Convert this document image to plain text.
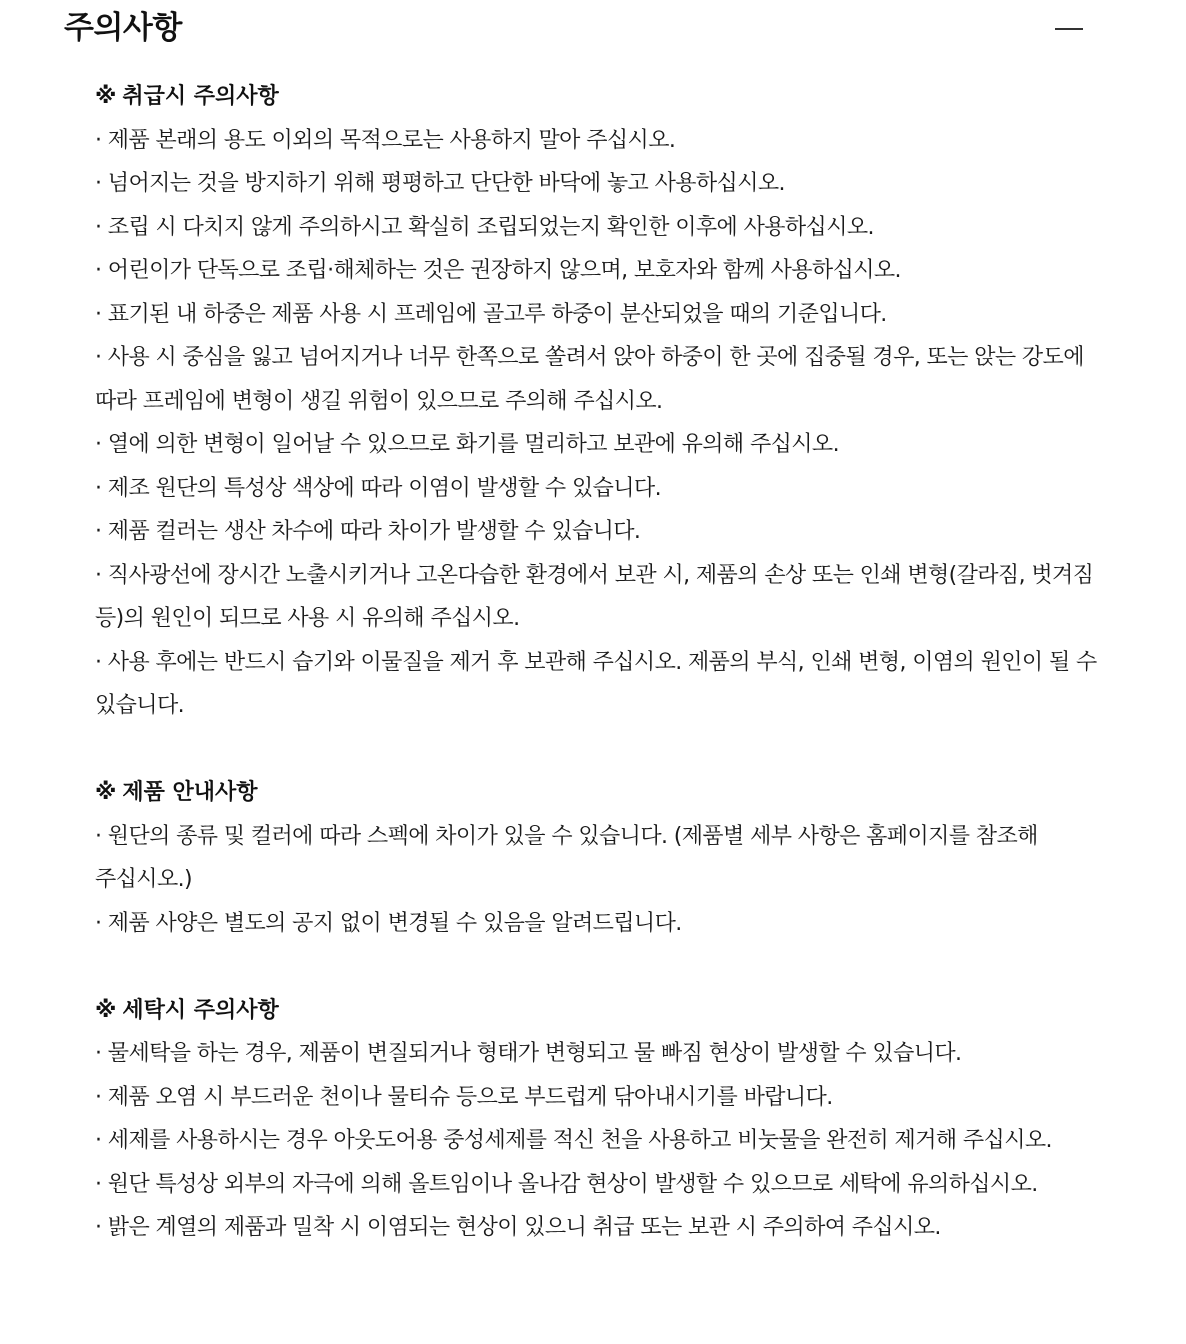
주의사항
※ 취급시 주의사항
· 제품 본래의 용도 이외의 목적으로는 사용하지 말아 주십시오.
· 넘어지는 것을 방지하기 위해 평평하고 단단한 바닥에 놓고 사용하십시오.
· 조립 시 다치지 않게 주의하시고 확실히 조립되었는지 확인한 이후에 사용하십시오.
· 어린이가 단독으로 조립·해체하는 것은 권장하지 않으며, 보호자와 함께 사용하십시오.
· 표기된 내 하중은 제품 사용 시 프레임에 골고루 하중이 분산되었을 때의 기준입니다.
· 사용 시 중심을 잃고 넘어지거나 너무 한쪽으로 쏠려서 앉아 하중이 한 곳에 집중될 경우, 또는 앉는 강도에 따라 프레임에 변형이 생길 위험이 있으므로 주의해 주십시오.
· 열에 의한 변형이 일어날 수 있으므로 화기를 멀리하고 보관에 유의해 주십시오.
· 제조 원단의 특성상 색상에 따라 이염이 발생할 수 있습니다.
· 제품 컬러는 생산 차수에 따라 차이가 발생할 수 있습니다.
· 직사광선에 장시간 노출시키거나 고온다습한 환경에서 보관 시, 제품의 손상 또는 인쇄 변형(갈라짐, 벗겨짐 등)의 원인이 되므로 사용 시 유의해 주십시오.
· 사용 후에는 반드시 습기와 이물질을 제거 후 보관해 주십시오. 제품의 부식, 인쇄 변형, 이염의 원인이 될 수 있습니다.
※ 제품 안내사항
· 원단의 종류 및 컬러에 따라 스펙에 차이가 있을 수 있습니다. (제품별 세부 사항은 홈페이지를 참조해 주십시오.)
· 제품 사양은 별도의 공지 없이 변경될 수 있음을 알려드립니다.
※ 세탁시 주의사항
· 물세탁을 하는 경우, 제품이 변질되거나 형태가 변형되고 물 빠짐 현상이 발생할 수 있습니다.
· 제품 오염 시 부드러운 천이나 물티슈 등으로 부드럽게 닦아내시기를 바랍니다.
· 세제를 사용하시는 경우 아웃도어용 중성세제를 적신 천을 사용하고 비눗물을 완전히 제거해 주십시오.
· 원단 특성상 외부의 자극에 의해 올트임이나 올나감 현상이 발생할 수 있으므로 세탁에 유의하십시오.
· 밝은 계열의 제품과 밀착 시 이염되는 현상이 있으니 취급 또는 보관 시 주의하여 주십시오.
